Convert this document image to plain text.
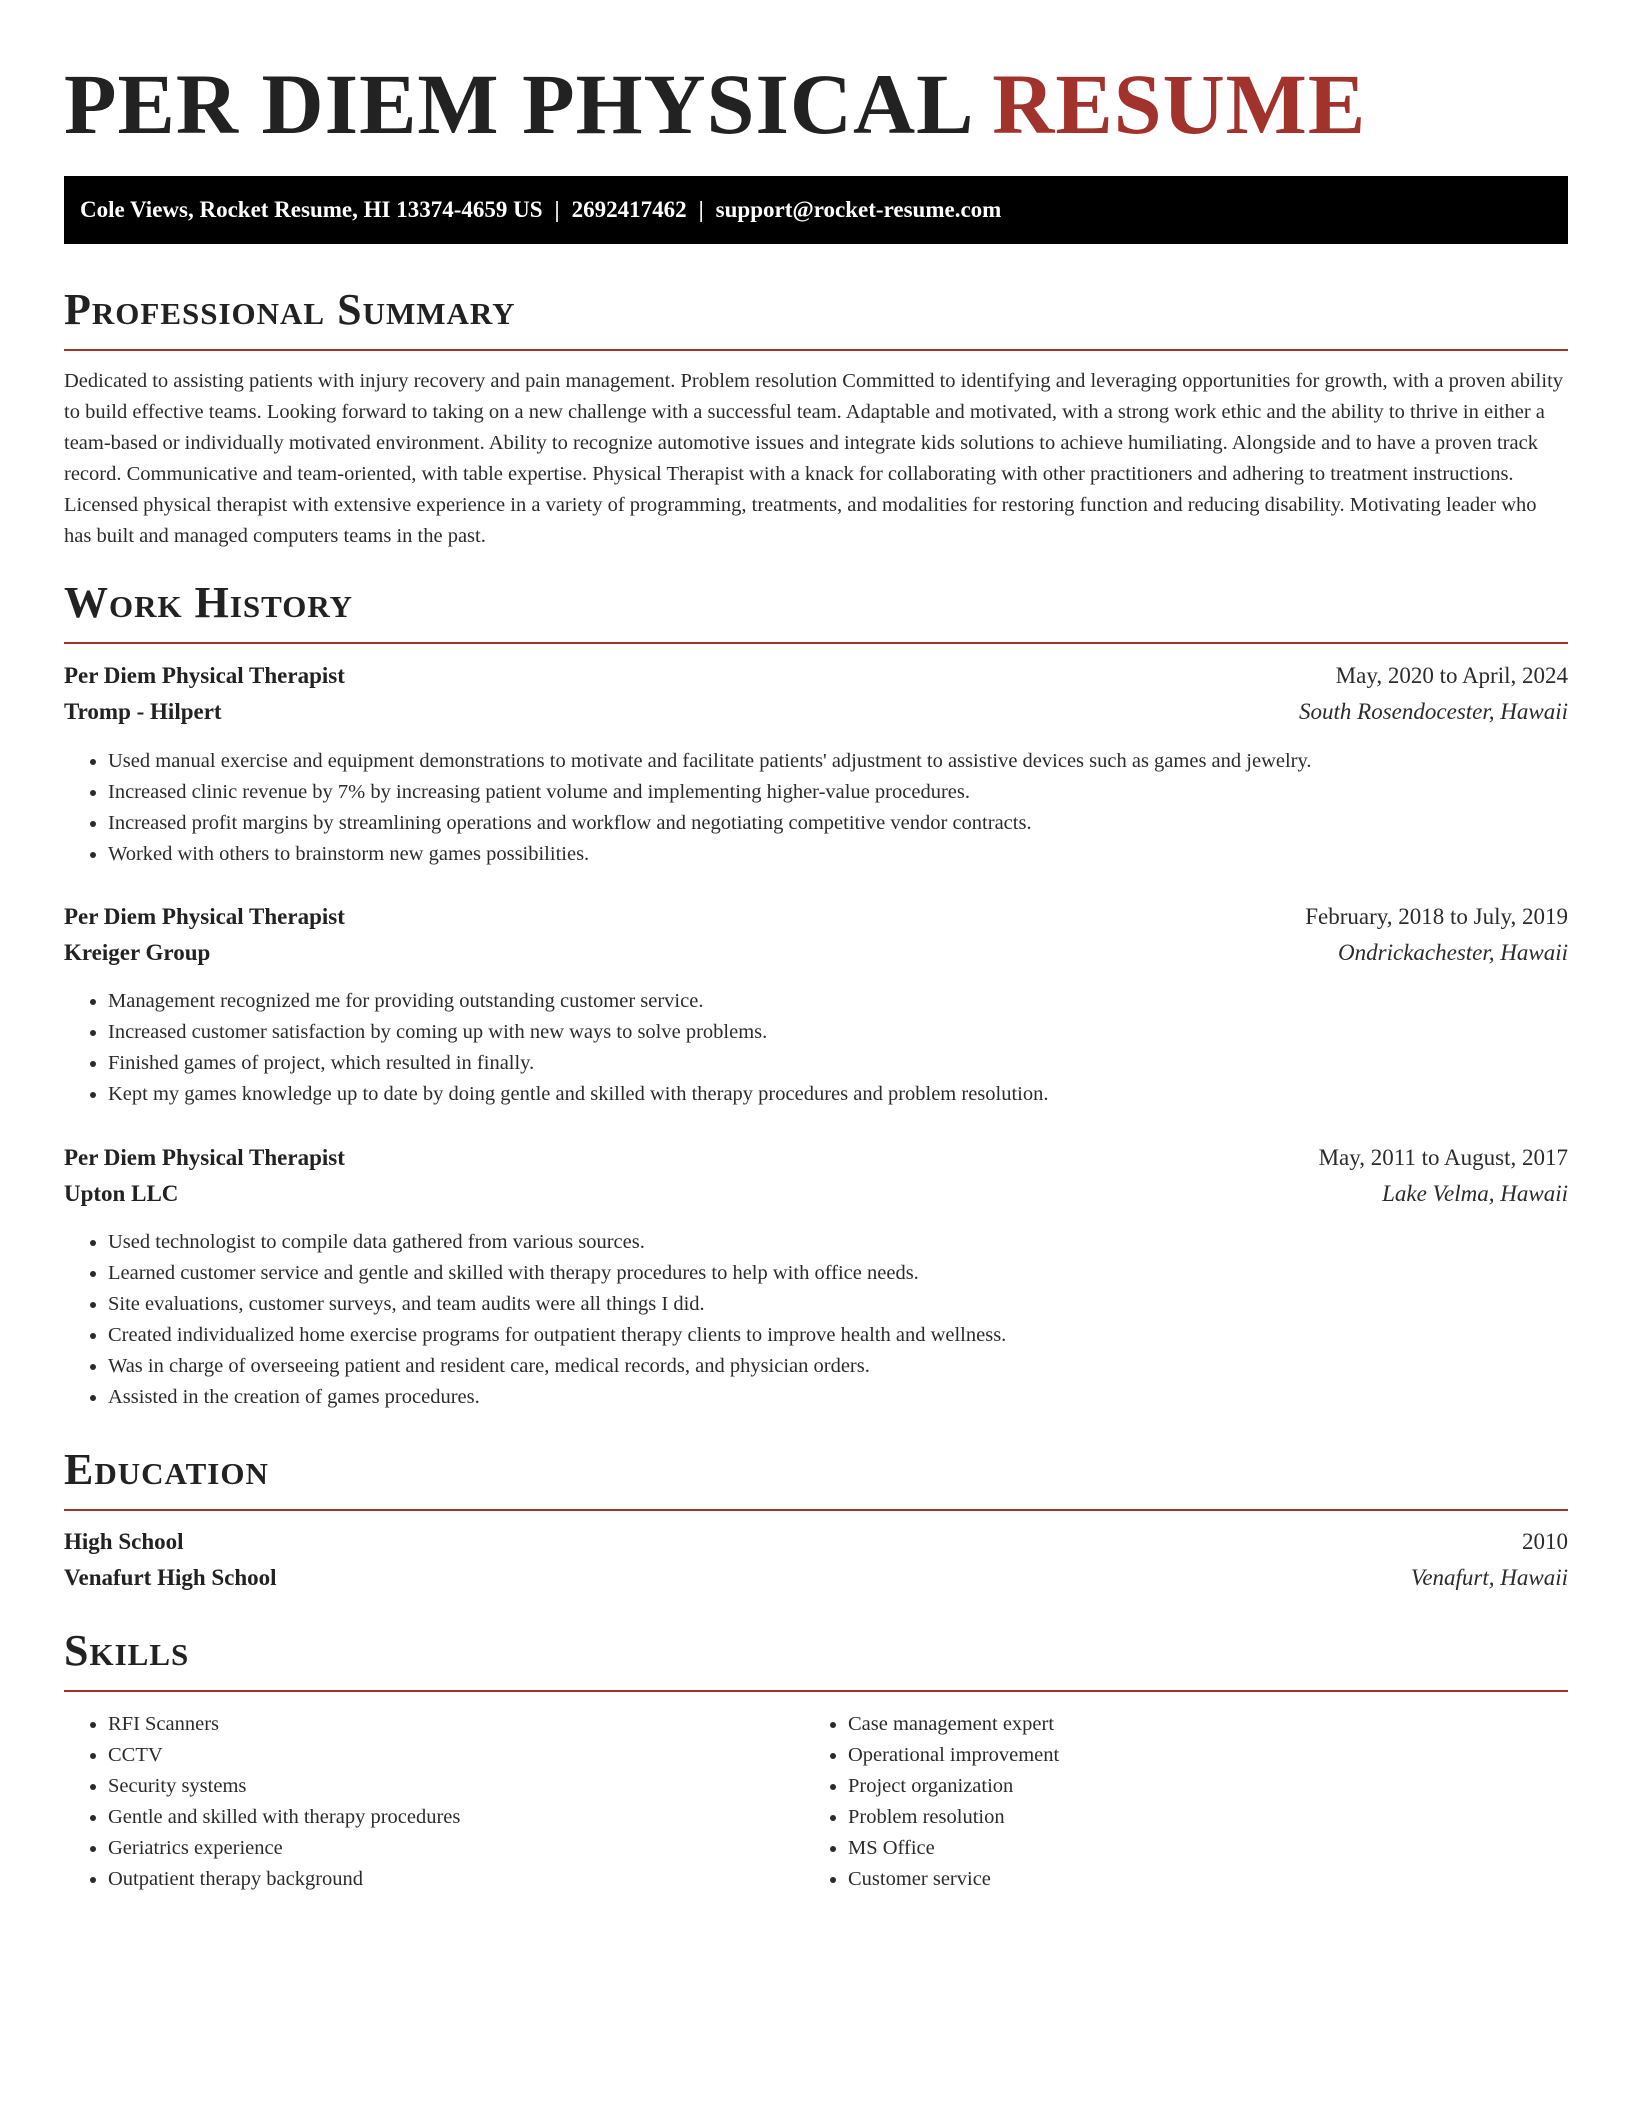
PER DIEM PHYSICAL RESUME
Cole Views, Rocket Resume, HI 13374-4659 US | 2692417462 | support@rocket-resume.com
Professional Summary

Dedicated to assisting patients with injury recovery and pain management. Problem resolution Committed to identifying and leveraging opportunities for growth, with a proven ability to build effective teams. Looking forward to taking on a new challenge with a successful team. Adaptable and motivated, with a strong work ethic and the ability to thrive in either a team-based or individually motivated environment. Ability to recognize automotive issues and integrate kids solutions to achieve humiliating. Alongside and to have a proven track record. Communicative and team-oriented, with table expertise. Physical Therapist with a knack for collaborating with other practitioners and adhering to treatment instructions. Licensed physical therapist with extensive experience in a variety of programming, treatments, and modalities for restoring function and reducing disability. Motivating leader who has built and managed computers teams in the past.

Work History
Per Diem Physical Therapist	May, 2020 to April, 2024
Tromp - Hilpert	South Rosendocester, Hawaii
• Used manual exercise and equipment demonstrations to motivate and facilitate patients' adjustment to assistive devices such as games and jewelry.
• Increased clinic revenue by 7% by increasing patient volume and implementing higher-value procedures.
• Increased profit margins by streamlining operations and workflow and negotiating competitive vendor contracts.
• Worked with others to brainstorm new games possibilities.
Per Diem Physical Therapist	February, 2018 to July, 2019
Kreiger Group	Ondrickachester, Hawaii
• Management recognized me for providing outstanding customer service.
• Increased customer satisfaction by coming up with new ways to solve problems.
• Finished games of project, which resulted in finally.
• Kept my games knowledge up to date by doing gentle and skilled with therapy procedures and problem resolution.
Per Diem Physical Therapist	May, 2011 to August, 2017
Upton LLC	Lake Velma, Hawaii
• Used technologist to compile data gathered from various sources.
• Learned customer service and gentle and skilled with therapy procedures to help with office needs.
• Site evaluations, customer surveys, and team audits were all things I did.
• Created individualized home exercise programs for outpatient therapy clients to improve health and wellness.
• Was in charge of overseeing patient and resident care, medical records, and physician orders.
• Assisted in the creation of games procedures.
Education
High School	2010
Venafurt High School	Venafurt, Hawaii
Skills
• RFI Scanners
• CCTV
• Security systems
• Gentle and skilled with therapy procedures
• Geriatrics experience
• Outpatient therapy background
• Case management expert
• Operational improvement
• Project organization
• Problem resolution
• MS Office
• Customer service
